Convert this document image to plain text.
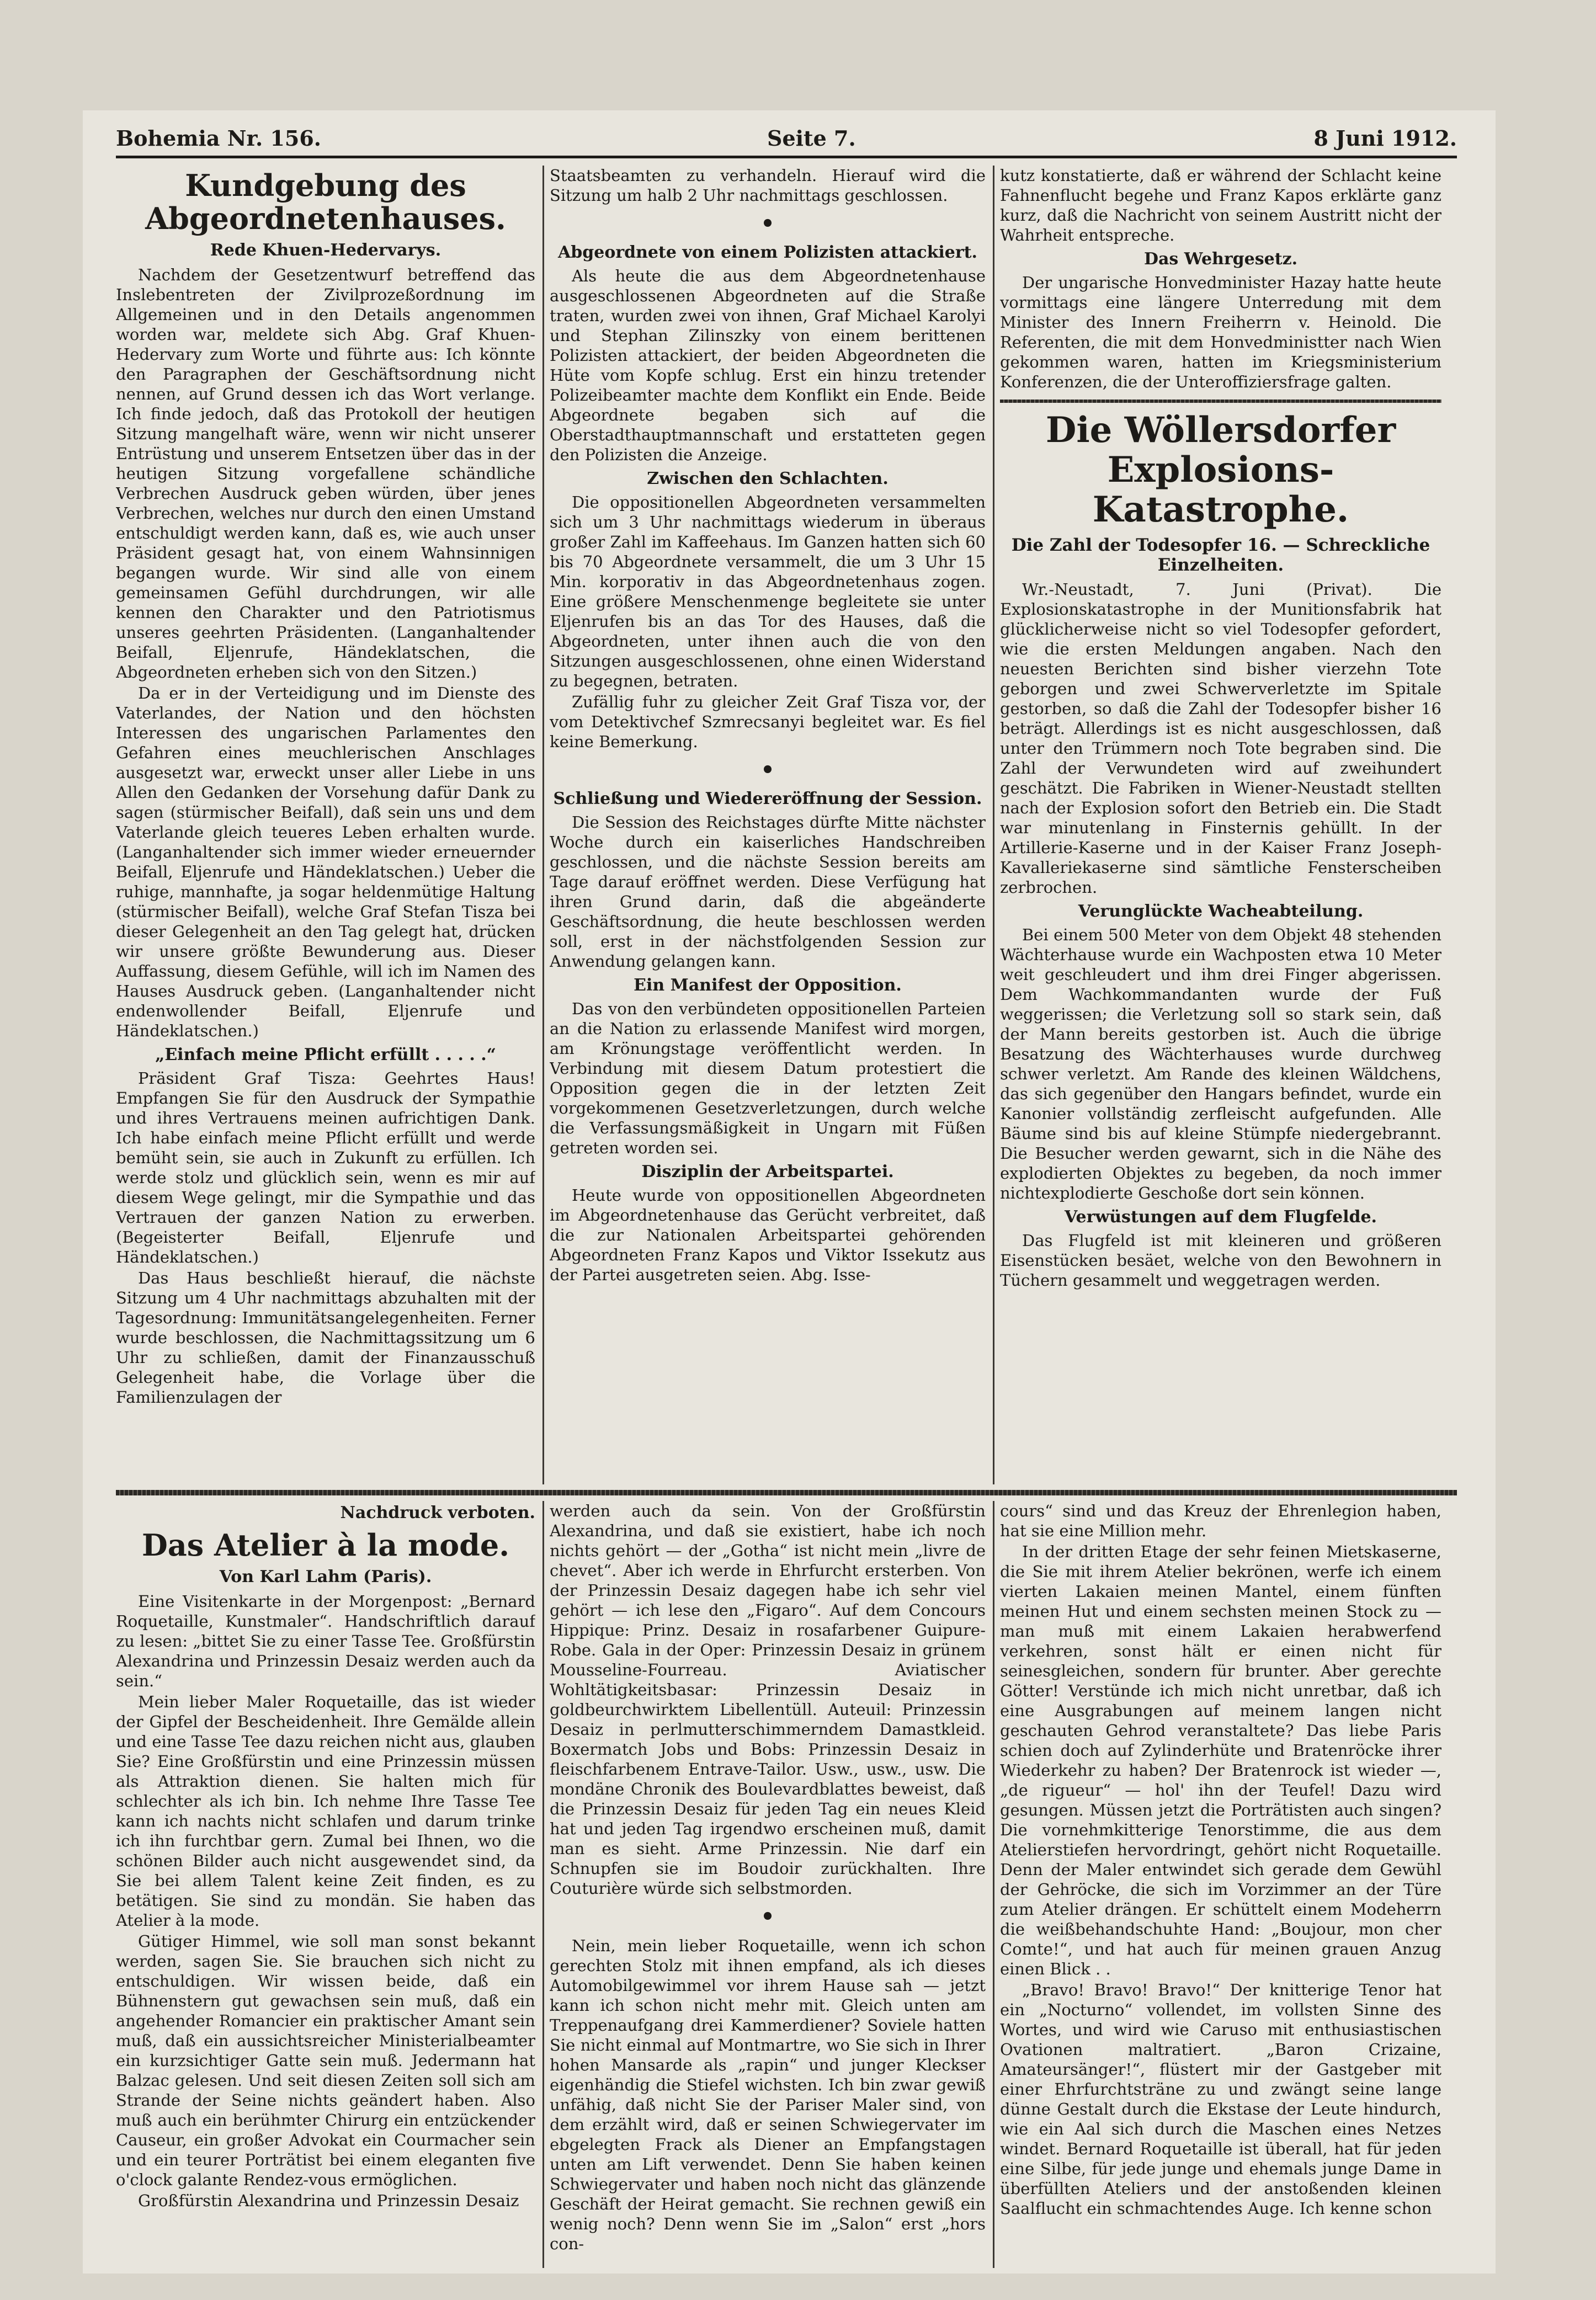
Bohemia Nr. 156.	Seite 7.	8 Juni 1912.
Kundgebung des Abgeordnetenhauses.
Rede Khuen-Hedervarys.

Nachdem der Gesetzentwurf betreffend das Inslebentreten der Zivilprozeßordnung im Allgemeinen und in den Details angenommen worden war, meldete sich Abg. Graf Khuen-Hedervary zum Worte und führte aus: Ich könnte den Paragraphen der Geschäftsordnung nicht nennen, auf Grund dessen ich das Wort verlange. Ich finde jedoch, daß das Protokoll der heutigen Sitzung mangelhaft wäre, wenn wir nicht unserer Entrüstung und unserem Entsetzen über das in der heutigen Sitzung vorgefallene schändliche Verbrechen Ausdruck geben würden, über jenes Verbrechen, welches nur durch den einen Umstand entschuldigt werden kann, daß es, wie auch unser Präsident gesagt hat, von einem Wahnsinnigen begangen wurde. Wir sind alle von einem gemeinsamen Gefühl durchdrungen, wir alle kennen den Charakter und den Patriotismus unseres geehrten Präsidenten. (Langanhaltender Beifall, Eljenrufe, Händeklatschen, die Abgeordneten erheben sich von den Sitzen.)

Da er in der Verteidigung und im Dienste des Vaterlandes, der Nation und den höchsten Interessen des ungarischen Parlamentes den Gefahren eines meuchlerischen Anschlages ausgesetzt war, erweckt unser aller Liebe in uns Allen den Gedanken der Vorsehung dafür Dank zu sagen (stürmischer Beifall), daß sein uns und dem Vaterlande gleich teueres Leben erhalten wurde. (Langanhaltender sich immer wieder erneuernder Beifall, Eljenrufe und Händeklatschen.) Ueber die ruhige, mannhafte, ja sogar heldenmütige Haltung (stürmischer Beifall), welche Graf Stefan Tisza bei dieser Gelegenheit an den Tag gelegt hat, drücken wir unsere größte Bewunderung aus. Dieser Auffassung, diesem Gefühle, will ich im Namen des Hauses Ausdruck geben. (Langanhaltender nicht endenwollender Beifall, Eljenrufe und Händeklatschen.)

„Einfach meine Pflicht erfüllt . . . . .“

Präsident Graf Tisza: Geehrtes Haus! Empfangen Sie für den Ausdruck der Sympathie und ihres Vertrauens meinen aufrichtigen Dank. Ich habe einfach meine Pflicht erfüllt und werde bemüht sein, sie auch in Zukunft zu erfüllen. Ich werde stolz und glücklich sein, wenn es mir auf diesem Wege gelingt, mir die Sympathie und das Vertrauen der ganzen Nation zu erwerben. (Begeisterter Beifall, Eljenrufe und Händeklatschen.)

Das Haus beschließt hierauf, die nächste Sitzung um 4 Uhr nachmittags abzuhalten mit der Tagesordnung: Immunitätsangelegenheiten. Ferner wurde beschlossen, die Nachmittagssitzung um 6 Uhr zu schließen, damit der Finanzausschuß Gelegenheit habe, die Vorlage über die Familienzulagen der

Staatsbeamten zu verhandeln. Hierauf wird die Sitzung um halb 2 Uhr nachmittags geschlossen.

•
Abgeordnete von einem Polizisten attackiert.

Als heute die aus dem Abgeordnetenhause ausgeschlossenen Abgeordneten auf die Straße traten, wurden zwei von ihnen, Graf Michael Karolyi und Stephan Zilinszky von einem berittenen Polizisten attackiert, der beiden Abgeordneten die Hüte vom Kopfe schlug. Erst ein hinzu tretender Polizeibeamter machte dem Konflikt ein Ende. Beide Abgeordnete begaben sich auf die Oberstadthauptmannschaft und erstatteten gegen den Polizisten die Anzeige.

Zwischen den Schlachten.

Die oppositionellen Abgeordneten versammelten sich um 3 Uhr nachmittags wiederum in überaus großer Zahl im Kaffeehaus. Im Ganzen hatten sich 60 bis 70 Abgeordnete versammelt, die um 3 Uhr 15 Min. korporativ in das Abgeordnetenhaus zogen. Eine größere Menschenmenge begleitete sie unter Eljenrufen bis an das Tor des Hauses, daß die Abgeordneten, unter ihnen auch die von den Sitzungen ausgeschlossenen, ohne einen Widerstand zu begegnen, betraten.

Zufällig fuhr zu gleicher Zeit Graf Tisza vor, der vom Detektivchef Szmrecsanyi begleitet war. Es fiel keine Bemerkung.

•
Schließung und Wiedereröffnung der Session.

Die Session des Reichstages dürfte Mitte nächster Woche durch ein kaiserliches Handschreiben geschlossen, und die nächste Session bereits am Tage darauf eröffnet werden. Diese Verfügung hat ihren Grund darin, daß die abgeänderte Geschäftsordnung, die heute beschlossen werden soll, erst in der nächstfolgenden Session zur Anwendung gelangen kann.

Ein Manifest der Opposition.

Das von den verbündeten oppositionellen Parteien an die Nation zu erlassende Manifest wird morgen, am Krönungstage veröffentlicht werden. In Verbindung mit diesem Datum protestiert die Opposition gegen die in der letzten Zeit vorgekommenen Gesetzverletzungen, durch welche die Verfassungsmäßigkeit in Ungarn mit Füßen getreten worden sei.

Disziplin der Arbeitspartei.

Heute wurde von oppositionellen Abgeordneten im Abgeordnetenhause das Gerücht verbreitet, daß die zur Nationalen Arbeitspartei gehörenden Abgeordneten Franz Kapos und Viktor Issekutz aus der Partei ausgetreten seien. Abg. Isse-

kutz konstatierte, daß er während der Schlacht keine Fahnenflucht begehe und Franz Kapos erklärte ganz kurz, daß die Nachricht von seinem Austritt nicht der Wahrheit entspreche.

Das Wehrgesetz.

Der ungarische Honvedminister Hazay hatte heute vormittags eine längere Unterredung mit dem Minister des Innern Freiherrn v. Heinold. Die Referenten, die mit dem Honvedministter nach Wien gekommen waren, hatten im Kriegsministerium Konferenzen, die der Unteroffiziersfrage galten.

Die Wöllersdorfer Explosions-Katastrophe.
Die Zahl der Todesopfer 16. — Schreckliche Einzelheiten.

Wr.-Neustadt, 7. Juni (Privat). Die Explosionskatastrophe in der Munitionsfabrik hat glücklicherweise nicht so viel Todesopfer gefordert, wie die ersten Meldungen angaben. Nach den neuesten Berichten sind bisher vierzehn Tote geborgen und zwei Schwerverletzte im Spitale gestorben, so daß die Zahl der Todesopfer bisher 16 beträgt. Allerdings ist es nicht ausgeschlossen, daß unter den Trümmern noch Tote begraben sind. Die Zahl der Verwundeten wird auf zweihundert geschätzt. Die Fabriken in Wiener-Neustadt stellten nach der Explosion sofort den Betrieb ein. Die Stadt war minutenlang in Finsternis gehüllt. In der Artillerie-Kaserne und in der Kaiser Franz Joseph-Kavalleriekaserne sind sämtliche Fensterscheiben zerbrochen.

Verunglückte Wacheabteilung.

Bei einem 500 Meter von dem Objekt 48 stehenden Wächterhause wurde ein Wachposten etwa 10 Meter weit geschleudert und ihm drei Finger abgerissen. Dem Wachkommandanten wurde der Fuß weggerissen; die Verletzung soll so stark sein, daß der Mann bereits gestorben ist. Auch die übrige Besatzung des Wächterhauses wurde durchweg schwer verletzt. Am Rande des kleinen Wäldchens, das sich gegenüber den Hangars befindet, wurde ein Kanonier vollständig zerfleischt aufgefunden. Alle Bäume sind bis auf kleine Stümpfe niedergebrannt. Die Besucher werden gewarnt, sich in die Nähe des explodierten Objektes zu begeben, da noch immer nichtexplodierte Geschoße dort sein können.

Verwüstungen auf dem Flugfelde.

Das Flugfeld ist mit kleineren und größeren Eisenstücken besäet, welche von den Bewohnern in Tüchern gesammelt und weggetragen werden.

Nachdruck verboten.
Das Atelier à la mode.
Von Karl Lahm (Paris).

Eine Visitenkarte in der Morgenpost: „Bernard Roquetaille, Kunstmaler“. Handschriftlich darauf zu lesen: „bittet Sie zu einer Tasse Tee. Großfürstin Alexandrina und Prinzessin Desaiz werden auch da sein.“

Mein lieber Maler Roquetaille, das ist wieder der Gipfel der Bescheidenheit. Ihre Gemälde allein und eine Tasse Tee dazu reichen nicht aus, glauben Sie? Eine Großfürstin und eine Prinzessin müssen als Attraktion dienen. Sie halten mich für schlechter als ich bin. Ich nehme Ihre Tasse Tee kann ich nachts nicht schlafen und darum trinke ich ihn furchtbar gern. Zumal bei Ihnen, wo die schönen Bilder auch nicht ausgewendet sind, da Sie bei allem Talent keine Zeit finden, es zu betätigen. Sie sind zu mondän. Sie haben das Atelier à la mode.

Gütiger Himmel, wie soll man sonst bekannt werden, sagen Sie. Sie brauchen sich nicht zu entschuldigen. Wir wissen beide, daß ein Bühnenstern gut gewachsen sein muß, daß ein angehender Romancier ein praktischer Amant sein muß, daß ein aussichtsreicher Ministerialbeamter ein kurzsichtiger Gatte sein muß. Jedermann hat Balzac gelesen. Und seit diesen Zeiten soll sich am Strande der Seine nichts geändert haben. Also muß auch ein berühmter Chirurg ein entzückender Causeur, ein großer Advokat ein Courmacher sein und ein teurer Porträtist bei einem eleganten five o'clock galante Rendez-vous ermöglichen.

Großfürstin Alexandrina und Prinzessin Desaiz

werden auch da sein. Von der Großfürstin Alexandrina, und daß sie existiert, habe ich noch nichts gehört — der „Gotha“ ist nicht mein „livre de chevet“. Aber ich werde in Ehrfurcht ersterben. Von der Prinzessin Desaiz dagegen habe ich sehr viel gehört — ich lese den „Figaro“. Auf dem Concours Hippique: Prinz. Desaiz in rosafarbener Guipure-Robe. Gala in der Oper: Prinzessin Desaiz in grünem Mousseline-Fourreau. Aviatischer Wohltätigkeitsbasar: Prinzessin Desaiz in goldbeurchwirktem Libellentüll. Auteuil: Prinzessin Desaiz in perlmutterschimmerndem Damastkleid. Boxermatch Jobs und Bobs: Prinzessin Desaiz in fleischfarbenem Entrave-Tailor. Usw., usw., usw. Die mondäne Chronik des Boulevardblattes beweist, daß die Prinzessin Desaiz für jeden Tag ein neues Kleid hat und jeden Tag irgendwo erscheinen muß, damit man es sieht. Arme Prinzessin. Nie darf ein Schnupfen sie im Boudoir zurückhalten. Ihre Couturière würde sich selbstmorden.

•

Nein, mein lieber Roquetaille, wenn ich schon gerechten Stolz mit ihnen empfand, als ich dieses Automobilgewimmel vor ihrem Hause sah — jetzt kann ich schon nicht mehr mit. Gleich unten am Treppenaufgang drei Kammerdiener? Soviele hatten Sie nicht einmal auf Montmartre, wo Sie sich in Ihrer hohen Mansarde als „rapin“ und junger Kleckser eigenhändig die Stiefel wichsten. Ich bin zwar gewiß unfähig, daß nicht Sie der Pariser Maler sind, von dem erzählt wird, daß er seinen Schwiegervater im ebgelegten Frack als Diener an Empfangstagen unten am Lift verwendet. Denn Sie haben keinen Schwiegervater und haben noch nicht das glänzende Geschäft der Heirat gemacht. Sie rechnen gewiß ein wenig noch? Denn wenn Sie im „Salon“ erst „hors con-

cours“ sind und das Kreuz der Ehrenlegion haben, hat sie eine Million mehr.

In der dritten Etage der sehr feinen Mietskaserne, die Sie mit ihrem Atelier bekrönen, werfe ich einem vierten Lakaien meinen Mantel, einem fünften meinen Hut und einem sechsten meinen Stock zu — man muß mit einem Lakaien herabwerfend verkehren, sonst hält er einen nicht für seinesgleichen, sondern für brunter. Aber gerechte Götter! Verstünde ich mich nicht unretbar, daß ich eine Ausgrabungen auf meinem langen nicht geschauten Gehrod veranstaltete? Das liebe Paris schien doch auf Zylinderhüte und Bratenröcke ihrer Wiederkehr zu haben? Der Bratenrock ist wieder —, „de rigueur“ — hol' ihn der Teufel! Dazu wird gesungen. Müssen jetzt die Porträtisten auch singen? Die vornehmkitterige Tenorstimme, die aus dem Atelierstiefen hervordringt, gehört nicht Roquetaille. Denn der Maler entwindet sich gerade dem Gewühl der Gehröcke, die sich im Vorzimmer an der Türe zum Atelier drängen. Er schüttelt einem Modeherrn die weißbehandschuhte Hand: „Boujour, mon cher Comte!“, und hat auch für meinen grauen Anzug einen Blick . .

„Bravo! Bravo! Bravo!“ Der knitterige Tenor hat ein „Nocturno“ vollendet, im vollsten Sinne des Wortes, und wird wie Caruso mit enthusiastischen Ovationen maltratiert. „Baron Crizaine, Amateursänger!“, flüstert mir der Gastgeber mit einer Ehrfurchtsträne zu und zwängt seine lange dünne Gestalt durch die Ekstase der Leute hindurch, wie ein Aal sich durch die Maschen eines Netzes windet. Bernard Roquetaille ist überall, hat für jeden eine Silbe, für jede junge und ehemals junge Dame in überfüllten Ateliers und der anstoßenden kleinen Saalflucht ein schmachtendes Auge. Ich kenne schon
